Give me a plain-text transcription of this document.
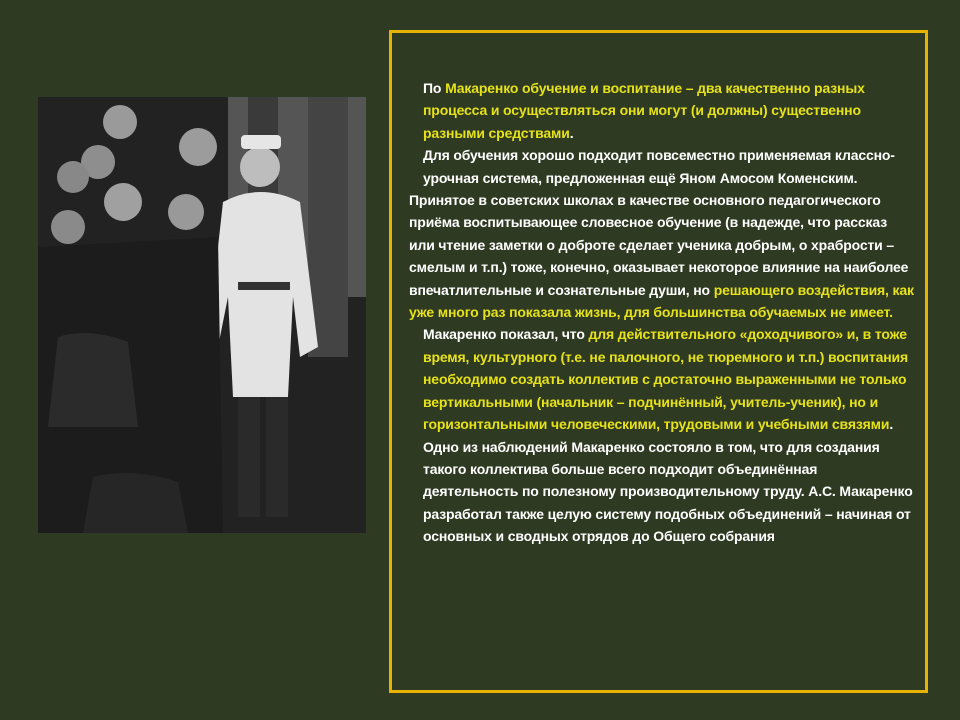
По Макаренко обучение и воспитание – два качественно разных процесса и осуществляться они могут (и должны) существенно разными средствами.

Для обучения хорошо подходит повсеместно применяемая классно-урочная система, предложенная ещё Яном Амосом Коменским.

Принятое в советских школах в качестве основного педагогического приёма воспитывающее словесное обучение (в надежде, что рассказ или чтение заметки о доброте сделает ученика добрым, о храбрости – смелым и т.п.) тоже, конечно, оказывает некоторое влияние на наиболее впечатлительные и сознательные души, но решающего воздействия, как уже много раз показала жизнь, для большинства обучаемых не имеет.

Макаренко показал, что для действительного «доходчивого» и, в тоже время, культурного (т.е. не палочного, не тюремного и т.п.) воспитания необходимо создать коллектив с достаточно выраженными не только вертикальными (начальник – подчинённый, учитель-ученик), но и горизонтальными человеческими, трудовыми и учебными связями. Одно из наблюдений Макаренко состояло в том, что для создания такого коллектива больше всего подходит объединённая деятельность по полезному производительному труду. А.С. Макаренко разработал также целую систему подобных объединений – начиная от основных и сводных отрядов до Общего собрания
